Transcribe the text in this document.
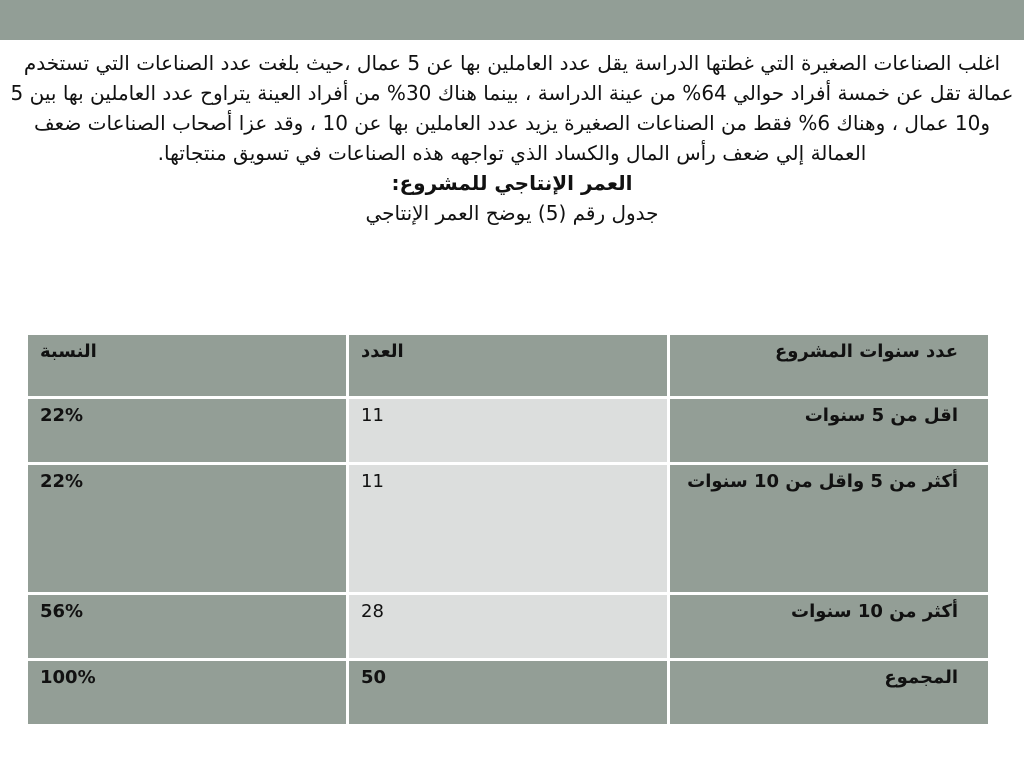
اغلب الصناعات الصغيرة التي غطتها الدراسة يقل عدد العاملين بها عن 5 عمال ،حيث بلغت عدد الصناعات التي تستخدم عمالة تقل عن خمسة أفراد حوالي 64% من عينة الدراسة ، بينما هناك 30% من أفراد العينة يتراوح عدد العاملين بها بين 5 و10 عمال ، وهناك 6% فقط من الصناعات الصغيرة يزيد عدد العاملين بها عن 10 ، وقد عزا أصحاب الصناعات ضعف العمالة إلي ضعف رأس المال والكساد الذي تواجهه هذه الصناعات في تسويق منتجاتها.

العمر الإنتاجي للمشروع:

جدول رقم (5) يوضح العمر الإنتاجي

عدد سنوات المشروع	العدد	النسبة
اقل من 5 سنوات	11	22%
أكثر من 5 واقل من 10 سنوات	11	22%
أكثر من 10 سنوات	28	56%
المجموع	50	100%
